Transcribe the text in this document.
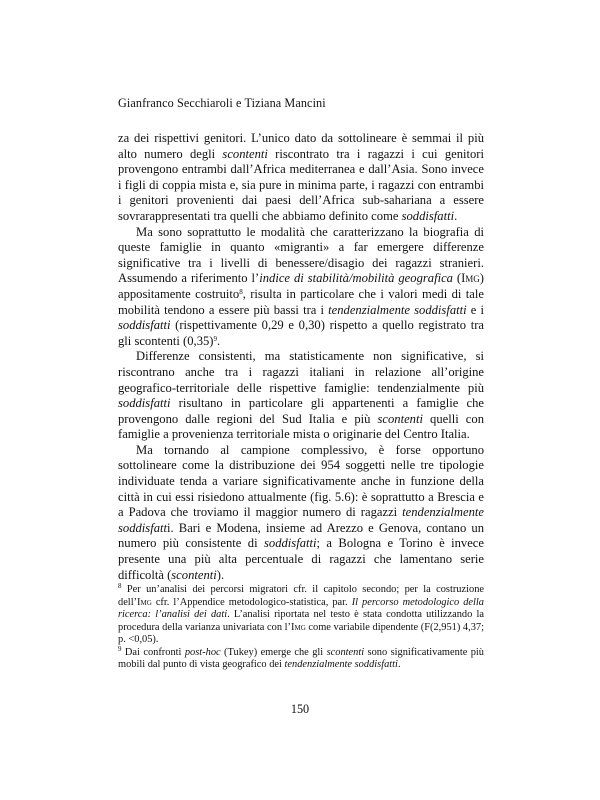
Gianfranco Secchiaroli e Tiziana Mancini

za dei rispettivi genitori. L’unico dato da sottolineare è semmai il più alto numero degli scontenti riscontrato tra i ragazzi i cui genitori provengono entrambi dall’Africa mediterranea e dall’Asia. Sono invece i figli di coppia mista e, sia pure in minima parte, i ragazzi con entrambi i genitori provenienti dai paesi dell’Africa sub-sahariana a essere sovrarappresentati tra quelli che abbiamo definito come soddisfatti.

Ma sono soprattutto le modalità che caratterizzano la biografia di queste famiglie in quanto «migranti» a far emergere differenze significative tra i livelli di benessere/disagio dei ragazzi stranieri. Assumendo a riferimento l’indice di stabilità/mobilità geografica (Img) appositamente costruito$^8$, risulta in particolare che i valori medi di tale mobilità tendono a essere più bassi tra i tendenzialmente soddisfatti e i soddisfatti (rispettivamente 0,29 e 0,30) rispetto a quello registrato tra gli scontenti $(0,35)^9$.

Differenze consistenti, ma statisticamente non significative, si riscontrano anche tra i ragazzi italiani in relazione all’origine geografico-territoriale delle rispettive famiglie: tendenzialmente più soddisfatti risultano in particolare gli appartenenti a famiglie che provengono dalle regioni del Sud Italia e più scontenti quelli con famiglie a provenienza territoriale mista o originarie del Centro Italia.

Ma tornando al campione complessivo, è forse opportuno sottolineare come la distribuzione dei 954 soggetti nelle tre tipologie individuate tenda a variare significativamente anche in funzione della città in cui essi risiedono attualmente (fig. 5.6): è soprattutto a Brescia e a Padova che troviamo il maggior numero di ragazzi tendenzialmente soddisfatti. Bari e Modena, insieme ad Arezzo e Genova, contano un numero più consistente di soddisfatti; a Bologna e Torino è invece presente una più alta percentuale di ragazzi che lamentano serie difficoltà (scontenti).

$^8$ Per un’analisi dei percorsi migratori cfr. il capitolo secondo; per la costruzione dell’Img cfr. l’Appendice metodologico-statistica, par. Il percorso metodologico della ricerca: l’analisi dei dati. L’analisi riportata nel testo è stata condotta utilizzando la procedura della varianza univariata con l’Img come variabile dipendente (F(2,951) 4,37; p. <0,05).

$^9$ Dai confronti post-hoc (Tukey) emerge che gli scontenti sono significativamente più mobili dal punto di vista geografico dei tendenzialmente soddisfatti.

150
